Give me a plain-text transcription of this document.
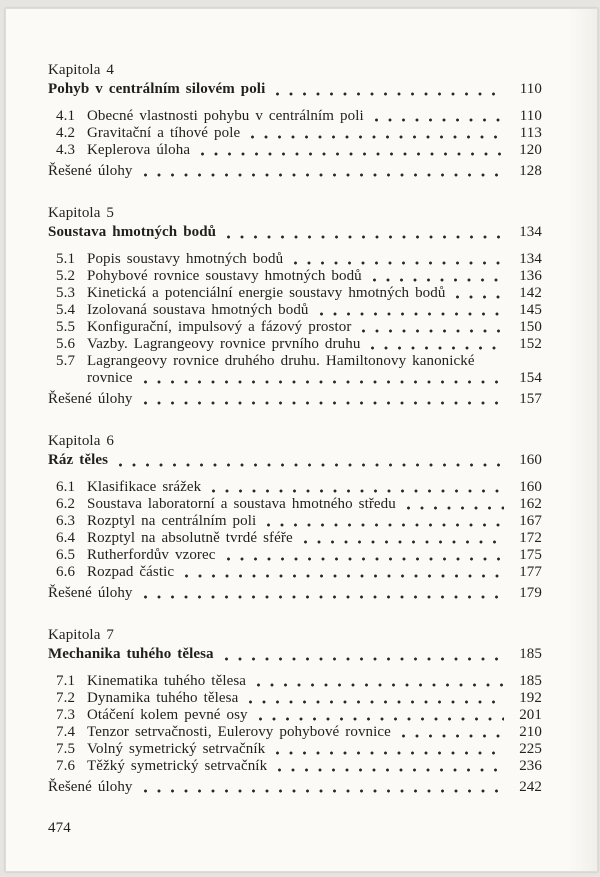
Kapitola 4
Pohyb v centrálním silovém poli	110
4.1 Obecné vlastnosti pohybu v centrálním poli	110
4.2 Gravitační a tíhové pole	113
4.3 Keplerova úloha	120
Řešené úlohy	128
Kapitola 5
Soustava hmotných bodů	134
5.1 Popis soustavy hmotných bodů	134
5.2 Pohybové rovnice soustavy hmotných bodů	136
5.3 Kinetická a potenciální energie soustavy hmotných bodů	142
5.4 Izolovaná soustava hmotných bodů	145
5.5 Konfigurační, impulsový a fázový prostor	150
5.6 Vazby. Lagrangeovy rovnice prvního druhu	152
5.7 Lagrangeovy rovnice druhého druhu. Hamiltonovy kanonické
rovnice	154
Řešené úlohy	157
Kapitola 6
Ráz těles	160
6.1 Klasifikace srážek	160
6.2 Soustava laboratorní a soustava hmotného středu	162
6.3 Rozptyl na centrálním poli	167
6.4 Rozptyl na absolutně tvrdé sféře	172
6.5 Rutherfordův vzorec	175
6.6 Rozpad částic	177
Řešené úlohy	179
Kapitola 7
Mechanika tuhého tělesa	185
7.1 Kinematika tuhého tělesa	185
7.2 Dynamika tuhého tělesa	192
7.3 Otáčení kolem pevné osy	201
7.4 Tenzor setrvačnosti, Eulerovy pohybové rovnice	210
7.5 Volný symetrický setrvačník	225
7.6 Těžký symetrický setrvačník	236
Řešené úlohy	242
474
